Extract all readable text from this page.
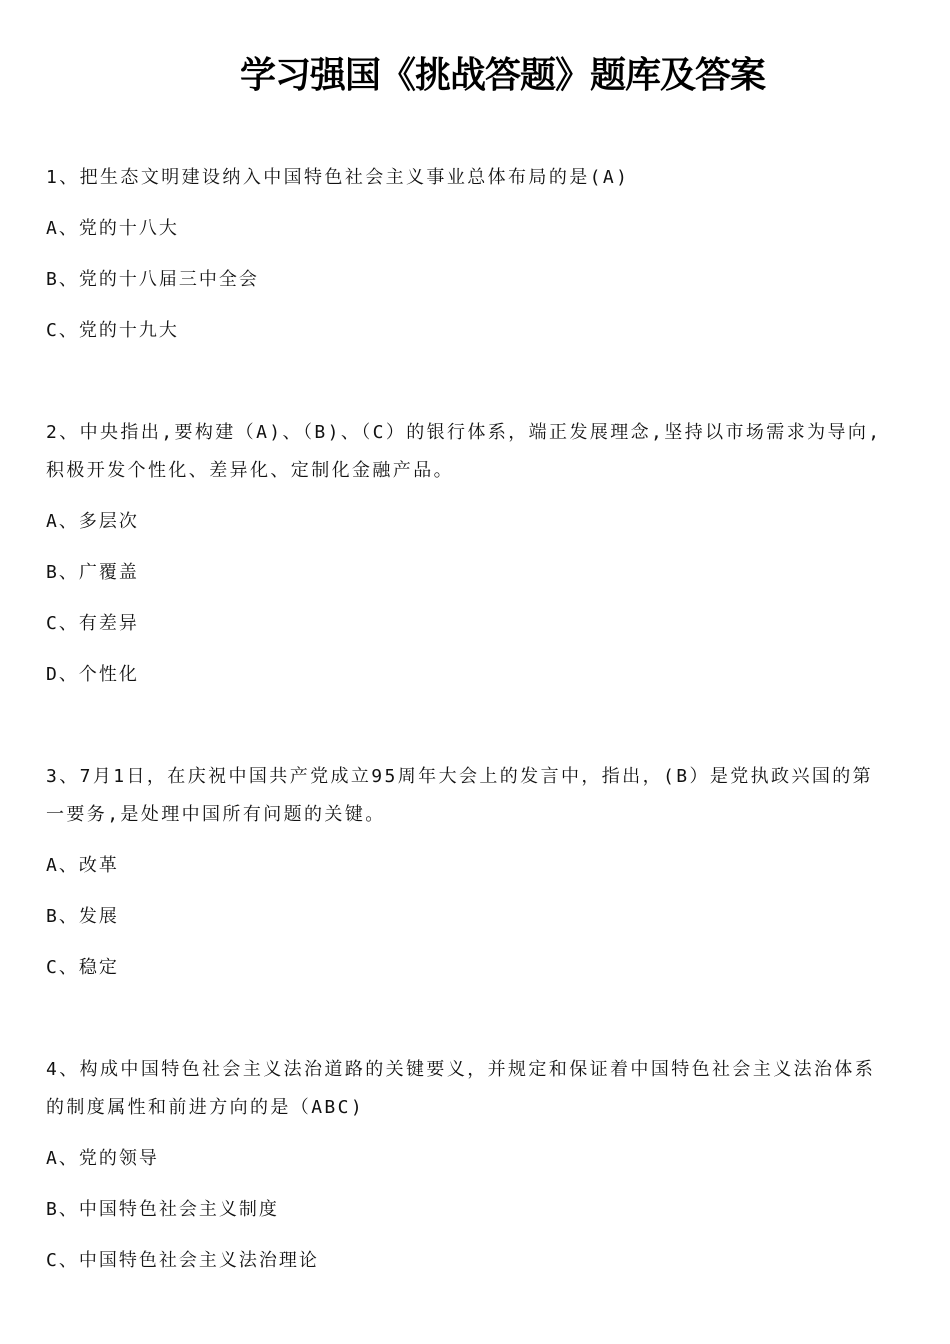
学习强国《挑战答题》题库及答案
1、把生态文明建设纳入中国特色社会主义事业总体布局的是(A)
A、党的十八大
B、党的十八届三中全会
C、党的十九大
2、中央指出,要构建（A)、（B)、（C）的银行体系，端正发展理念,坚持以市场需求为导向,
积极开发个性化、差异化、定制化金融产品。
A、多层次
B、广覆盖
C、有差异
D、个性化
3、7月1日，在庆祝中国共产党成立95周年大会上的发言中，指出，(B）是党执政兴国的第
一要务,是处理中国所有问题的关键。
A、改革
B、发展
C、稳定
4、构成中国特色社会主义法治道路的关键要义，并规定和保证着中国特色社会主义法治体系
的制度属性和前进方向的是（ABC)
A、党的领导
B、中国特色社会主义制度
C、中国特色社会主义法治理论
